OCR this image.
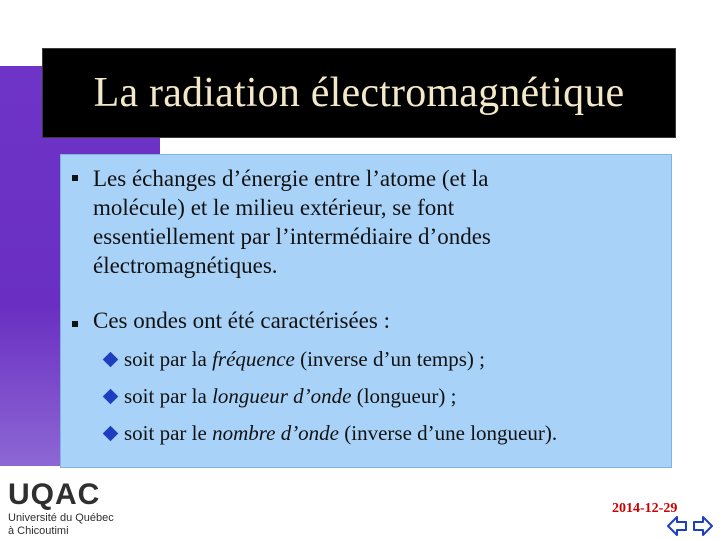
La radiation électromagnétique
Les échanges d’énergie entre l’atome (et la
molécule) et le milieu extérieur, se font
essentiellement par l’intermédiaire d’ondes
électromagnétiques.
Ces ondes ont été caractérisées :
soit par la fréquence (inverse d’un temps) ;
soit par la longueur d’onde (longueur) ;
soit par le nombre d’onde (inverse d’une longueur).
UQAC
Université du Québec
à Chicoutimi
2014-12-29
